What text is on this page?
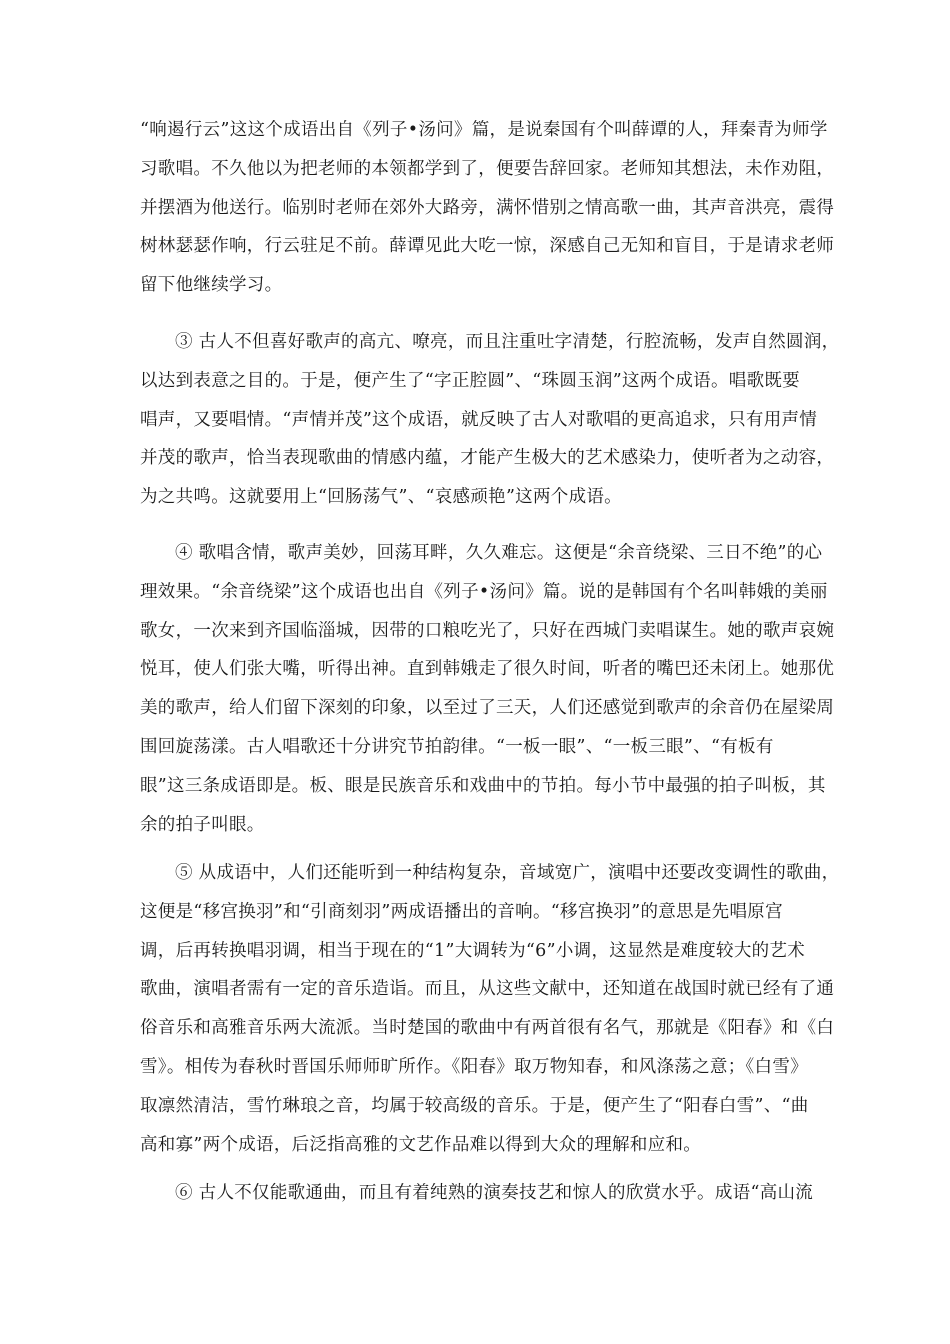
“响遏行云”这这个成语出自《列子•汤问》篇，是说秦国有个叫薛谭的人，拜秦青为师学
习歌唱。不久他以为把老师的本领都学到了，便要告辞回家。老师知其想法，未作劝阻，
并摆酒为他送行。临别时老师在郊外大路旁，满怀惜别之情高歌一曲，其声音洪亮，震得
树林瑟瑟作响，行云驻足不前。薛谭见此大吃一惊，深感自己无知和盲目，于是请求老师
留下他继续学习。
③ 古人不但喜好歌声的高亢、嘹亮，而且注重吐字清楚，行腔流畅，发声自然圆润，
以达到表意之目的。于是，便产生了“字正腔圆”、“珠圆玉润”这两个成语。唱歌既要
唱声，又要唱情。“声情并茂”这个成语，就反映了古人对歌唱的更高追求，只有用声情
并茂的歌声，恰当表现歌曲的情感内蕴，才能产生极大的艺术感染力，使听者为之动容，
为之共鸣。这就要用上“回肠荡气”、“哀感顽艳”这两个成语。
④ 歌唱含情，歌声美妙，回荡耳畔，久久难忘。这便是“余音绕梁、三日不绝”的心
理效果。“余音绕梁”这个成语也出自《列子•汤问》篇。说的是韩国有个名叫韩娥的美丽
歌女，一次来到齐国临淄城，因带的口粮吃光了，只好在西城门卖唱谋生。她的歌声哀婉
悦耳，使人们张大嘴，听得出神。直到韩娥走了很久时间，听者的嘴巴还未闭上。她那优
美的歌声，给人们留下深刻的印象，以至过了三天，人们还感觉到歌声的余音仍在屋梁周
围回旋荡漾。古人唱歌还十分讲究节拍韵律。“一板一眼”、“一板三眼”、“有板有
眼”这三条成语即是。板、眼是民族音乐和戏曲中的节拍。每小节中最强的拍子叫板，其
余的拍子叫眼。
⑤ 从成语中，人们还能听到一种结构复杂，音域宽广，演唱中还要改变调性的歌曲，
这便是“移宫换羽”和“引商刻羽”两成语播出的音响。“移宫换羽”的意思是先唱原宫
调，后再转换唱羽调，相当于现在的“1”大调转为“6”小调，这显然是难度较大的艺术
歌曲，演唱者需有一定的音乐造诣。而且，从这些文献中，还知道在战国时就已经有了通
俗音乐和高雅音乐两大流派。当时楚国的歌曲中有两首很有名气，那就是《阳春》和《白
雪》。相传为春秋时晋国乐师师旷所作。《阳春》取万物知春，和风涤荡之意；《白雪》
取凛然清洁，雪竹琳琅之音，均属于较高级的音乐。于是，便产生了“阳春白雪”、“曲
高和寡”两个成语，后泛指高雅的文艺作品难以得到大众的理解和应和。
⑥ 古人不仅能歌通曲，而且有着纯熟的演奏技艺和惊人的欣赏水乎。成语“高山流
